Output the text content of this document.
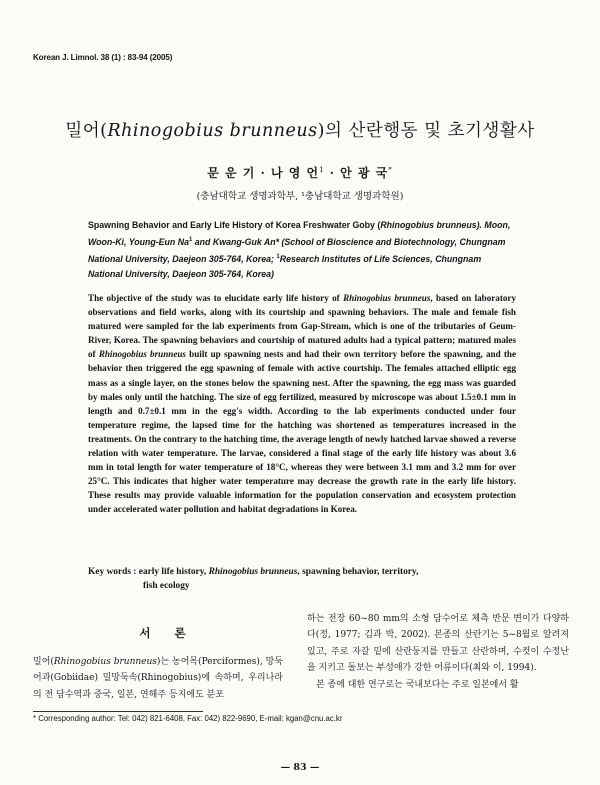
Korean J. Limnol. 38 (1) : 83-94 (2005)
밀어(Rhinogobius brunneus)의 산란행동 및 초기생활사
문 운 기 · 나 영 언$^1$ · 안 광 국*
(충남대학교 생명과학부, ¹충남대학교 생명과학원)
Spawning Behavior and Early Life History of Korea Freshwater Goby (Rhinogobius brunneus). Moon, Woon-Ki, Young-Eun Na$^1$ and Kwang-Guk An* (School of Bioscience and Biotechnology, Chungnam National University, Daejeon 305-764, Korea; $^1$Research Institutes of Life Sciences, Chungnam National University, Daejeon 305-764, Korea)
The objective of the study was to elucidate early life history of Rhinogobius brunneus, based on laboratory observations and field works, along with its courtship and spawning behaviors. The male and female fish matured were sampled for the lab experiments from Gap-Stream, which is one of the tributaries of Geum-River, Korea. The spawning behaviors and courtship of matured adults had a typical pattern; matured males of Rhinogobius brunneus built up spawning nests and had their own territory before the spawning, and the behavior then triggered the egg spawning of female with active courtship. The females attached elliptic egg mass as a single layer, on the stones below the spawning nest. After the spawning, the egg mass was guarded by males only until the hatching. The size of egg fertilized, measured by microscope was about 1.5±0.1 mm in length and 0.7±0.1 mm in the egg's width. According to the lab experiments conducted under four temperature regime, the lapsed time for the hatching was shortened as temperatures increased in the treatments. On the contrary to the hatching time, the average length of newly hatched larvae showed a reverse relation with water temperature. The larvae, considered a final stage of the early life history was about 3.6 mm in total length for water temperature of 18°C, whereas they were between 3.1 mm and 3.2 mm for over 25°C. This indicates that higher water temperature may decrease the growth rate in the early life history. These results may provide valuable information for the population conservation and ecosystem protection under accelerated water pollution and habitat degradations in Korea.
Key words : early life history, Rhinogobius brunneus, spawning behavior, territory,
fish ecology
서 론
밀어(Rhinogobius brunneus)는 농어목(Perciformes), 망둑어과(Gobiidae) 밀망둑속(Rhinogobius)에 속하며, 우리나라의 전 담수역과 중국, 일본, 연해주 등지에도 분포
하는 전장 60~80 mm의 소형 담수어로 체측 반문 변이가 다양하다(정, 1977; 김과 박, 2002). 본종의 산란기는 5~8월로 알려져 있고, 주로 자갈 밑에 산란둥지를 만들고 산란하며, 수컷이 수정난을 지키고 돌보는 부성애가 강한 어류이다(최와 이, 1994).
본 종에 대한 연구로는 국내보다는 주로 일본에서 활
* Corresponding author: Tel: 042) 821-6408, Fax: 042) 822-9690, E-mail: kgan@cnu.ac.kr
— 83 —
